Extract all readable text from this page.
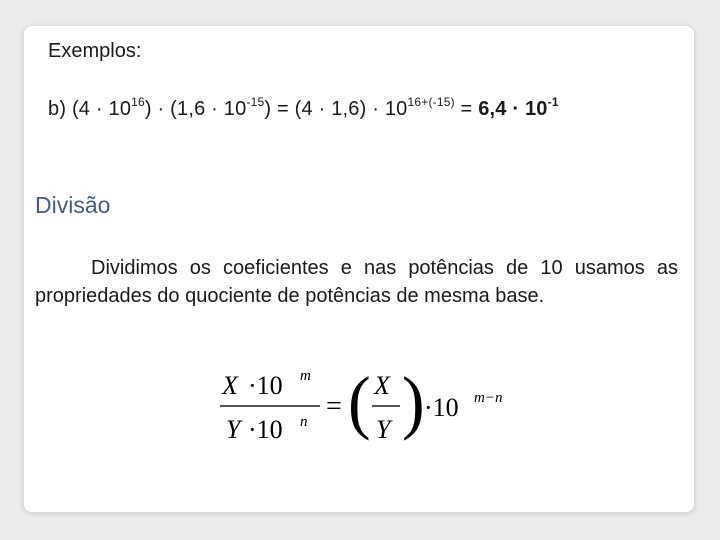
Exemplos:
b) $(4 \cdot 10^{16}) \cdot (1,6 \cdot 10^{-15}) = (4 \cdot 1,6) \cdot 10^{16+(-15)} = 6,4 \cdot 10^{-1}$
Divisão

Dividimos os coeficientes e nas potências de 10 usamos as propriedades do quociente de potências de mesma base.

X ·10 m
Y ·10 n = ( X
Y ) ·10 m−n
